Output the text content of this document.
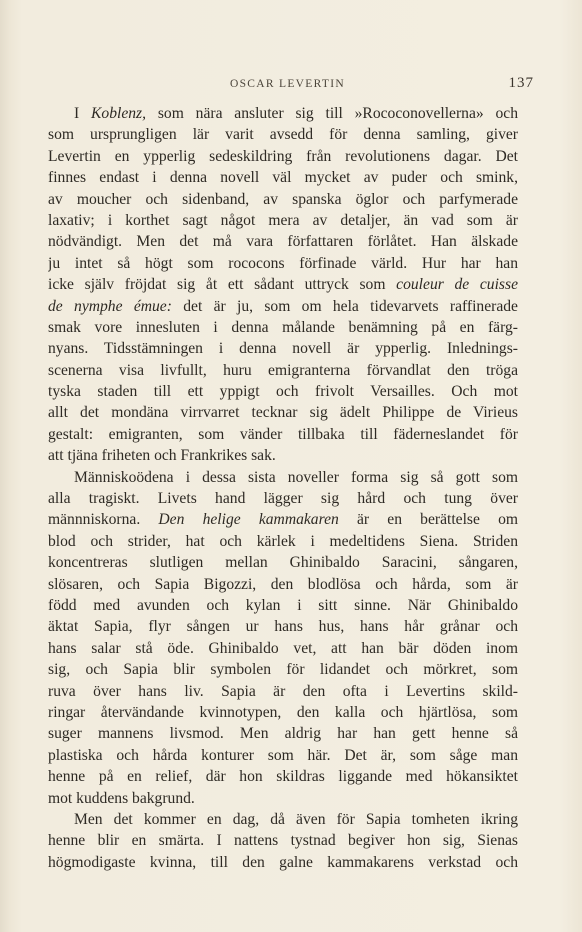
OSCAR LEVERTIN	137
I Koblenz, som nära ansluter sig till »Rococonovellerna» och
som ursprungligen lär varit avsedd för denna samling, giver
Levertin en ypperlig sedeskildring från revolutionens dagar. Det
finnes endast i denna novell väl mycket av puder och smink,
av moucher och sidenband, av spanska öglor och parfymerade
laxativ; i korthet sagt något mera av detaljer, än vad som är
nödvändigt. Men det må vara författaren förlåtet. Han älskade
ju intet så högt som rococons förfinade värld. Hur har han
icke själv fröjdat sig åt ett sådant uttryck som couleur de cuisse
de nymphe émue: det är ju, som om hela tidevarvets raffinerade
smak vore innesluten i denna målande benämning på en färg-
nyans. Tidsstämningen i denna novell är ypperlig. Inlednings-
scenerna visa livfullt, huru emigranterna förvandlat den tröga
tyska staden till ett yppigt och frivolt Versailles. Och mot
allt det mondäna virrvarret tecknar sig ädelt Philippe de Virieus
gestalt: emigranten, som vänder tillbaka till fäderneslandet för
att tjäna friheten och Frankrikes sak.
Människoödena i dessa sista noveller forma sig så gott som
alla tragiskt. Livets hand lägger sig hård och tung över
männniskorna. Den helige kammakaren är en berättelse om
blod och strider, hat och kärlek i medeltidens Siena. Striden
koncentreras slutligen mellan Ghinibaldo Saracini, sångaren,
slösaren, och Sapia Bigozzi, den blodlösa och hårda, som är
född med avunden och kylan i sitt sinne. När Ghinibaldo
äktat Sapia, flyr sången ur hans hus, hans hår grånar och
hans salar stå öde. Ghinibaldo vet, att han bär döden inom
sig, och Sapia blir symbolen för lidandet och mörkret, som
ruva över hans liv. Sapia är den ofta i Levertins skild-
ringar återvändande kvinnotypen, den kalla och hjärtlösa, som
suger mannens livsmod. Men aldrig har han gett henne så
plastiska och hårda konturer som här. Det är, som såge man
henne på en relief, där hon skildras liggande med hökansiktet
mot kuddens bakgrund.
Men det kommer en dag, då även för Sapia tomheten ikring
henne blir en smärta. I nattens tystnad begiver hon sig, Sienas
högmodigaste kvinna, till den galne kammakarens verkstad och
